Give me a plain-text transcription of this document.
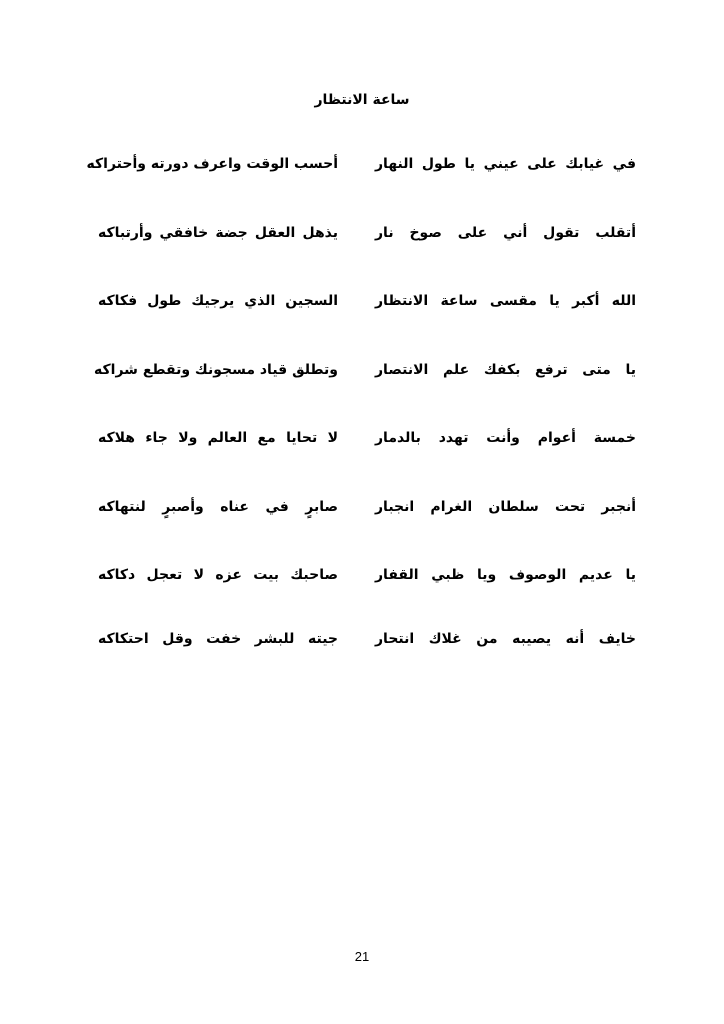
ساعة الانتظار
في غيابك على عيني يا طول النهار
أحسب الوقت واعرف دورته وأحتراكه
أتقلب تقول أني على صوخ نار
يذهل العقل جضة خافقي وأرتباكه
الله أكبر يا مقسى ساعة الانتظار
السجين الذي يرجيك طول فكاكه
يا متى ترفع بكفك علم الانتصار
وتطلق قياد مسجونك وتقطع شراكه
خمسة أعوام وأنت تهدد بالدمار
لا تحايا مع العالم ولا جاء هلاكه
أنجبر تحت سلطان الغرام انجبار
صابرٍ في عناه وأصبرٍ لنتهاكه
يا عديم الوصوف ويا ظبي القفار
صاحبك بيت عزه لا تعجل دكاكه
خايف أنه يصيبه من غلاك انتحار
جيته للبشر خفت وقل احتكاكه
21
